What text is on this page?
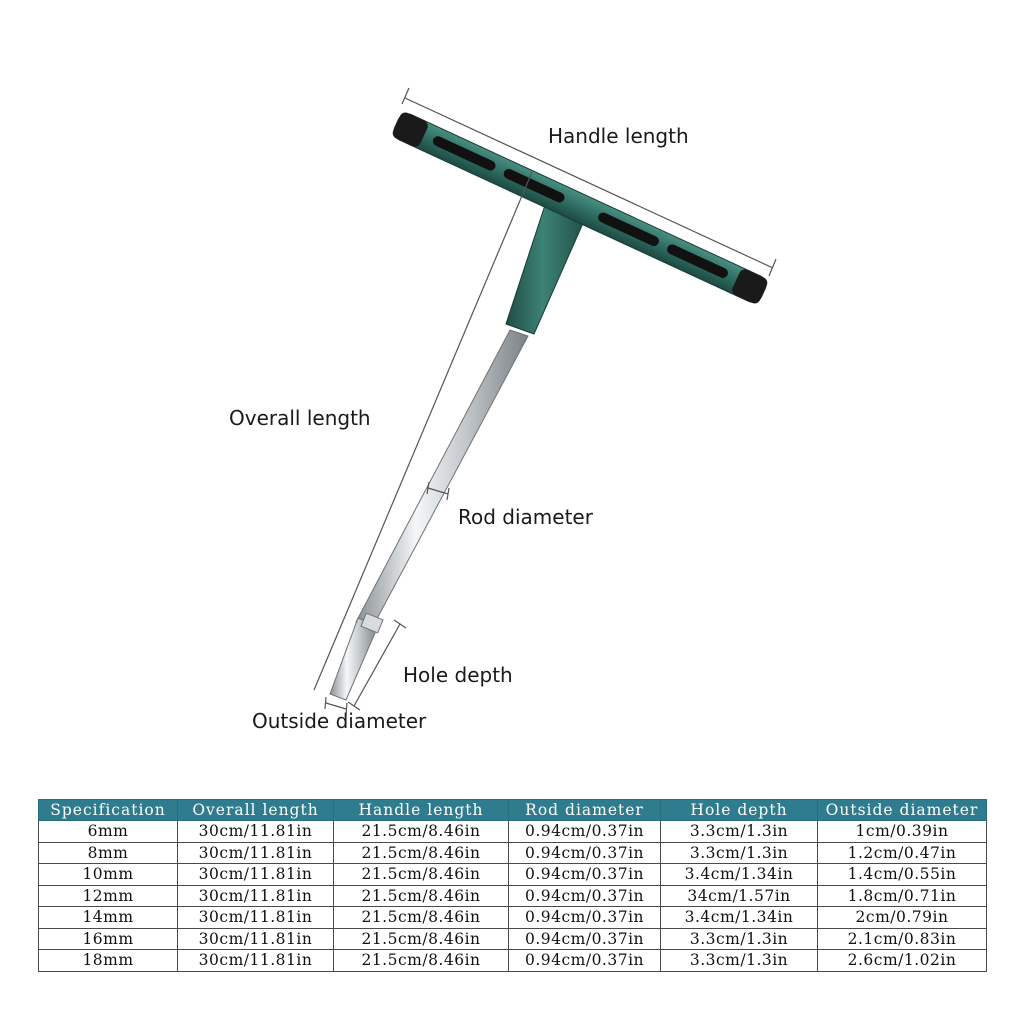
Handle length
Overall length
Rod diameter
Hole depth
Outside diameter
Specification	Overall length	Handle length	Rod diameter	Hole depth	Outside diameter
6mm	30cm/11.81in	21.5cm/8.46in	0.94cm/0.37in	3.3cm/1.3in	1cm/0.39in
8mm	30cm/11.81in	21.5cm/8.46in	0.94cm/0.37in	3.3cm/1.3in	1.2cm/0.47in
10mm	30cm/11.81in	21.5cm/8.46in	0.94cm/0.37in	3.4cm/1.34in	1.4cm/0.55in
12mm	30cm/11.81in	21.5cm/8.46in	0.94cm/0.37in	34cm/1.57in	1.8cm/0.71in
14mm	30cm/11.81in	21.5cm/8.46in	0.94cm/0.37in	3.4cm/1.34in	2cm/0.79in
16mm	30cm/11.81in	21.5cm/8.46in	0.94cm/0.37in	3.3cm/1.3in	2.1cm/0.83in
18mm	30cm/11.81in	21.5cm/8.46in	0.94cm/0.37in	3.3cm/1.3in	2.6cm/1.02in
